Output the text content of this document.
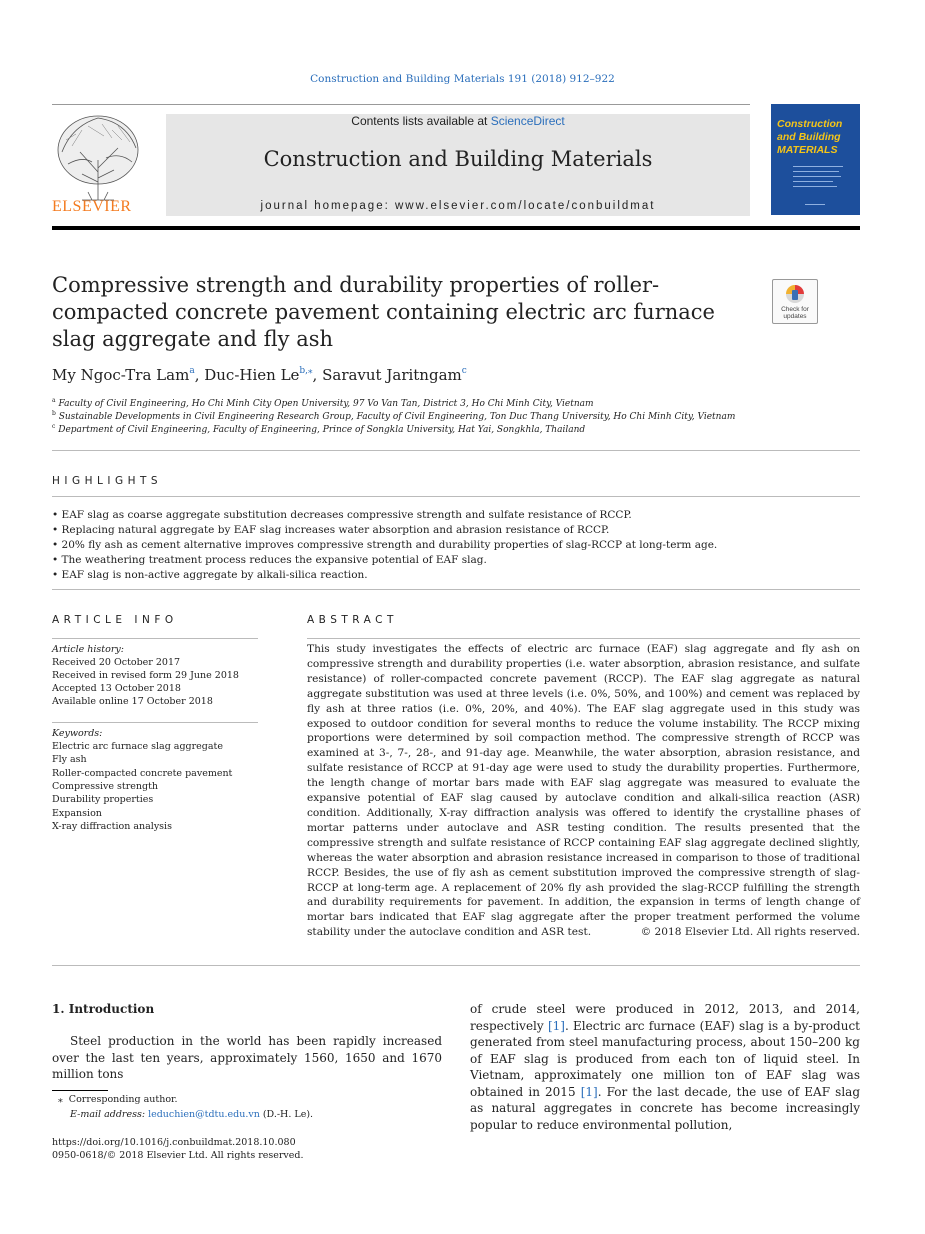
Construction and Building Materials 191 (2018) 912–922
ELSEVIER
Contents lists available at ScienceDirect
Construction and Building Materials
journal homepage: www.elsevier.com/locate/conbuildmat
Construction
and Building
MATERIALS
Compressive strength and durability properties of roller-compacted concrete pavement containing electric arc furnace slag aggregate and fly ash
Check for updates
My Ngoc-Tra Lam$^a$, Duc-Hien $Le^{b,⁎}$, Saravut Jaritngam$^c$
$^a$ Faculty of Civil Engineering, Ho Chi Minh City Open University, 97 Vo Van Tan, District 3, Ho Chi Minh City, Vietnam
$^b$ Sustainable Developments in Civil Engineering Research Group, Faculty of Civil Engineering, Ton Duc Thang University, Ho Chi Minh City, Vietnam
$^c$ Department of Civil Engineering, Faculty of Engineering, Prince of Songkla University, Hat Yai, Songkhla, Thailand
HIGHLIGHTS
• EAF slag as coarse aggregate substitution decreases compressive strength and sulfate resistance of RCCP.
• Replacing natural aggregate by EAF slag increases water absorption and abrasion resistance of RCCP.
• 20% fly ash as cement alternative improves compressive strength and durability properties of slag-RCCP at long-term age.
• The weathering treatment process reduces the expansive potential of EAF slag.
• EAF slag is non-active aggregate by alkali-silica reaction.
ARTICLE INFO
Article history:
Received 20 October 2017
Received in revised form 29 June 2018
Accepted 13 October 2018
Available online 17 October 2018
Keywords:
Electric arc furnace slag aggregate
Fly ash
Roller-compacted concrete pavement
Compressive strength
Durability properties
Expansion
X-ray diffraction analysis
ABSTRACT
This study investigates the effects of electric arc furnace (EAF) slag aggregate and fly ash on compressive strength and durability properties (i.e. water absorption, abrasion resistance, and sulfate resistance) of roller-compacted concrete pavement (RCCP). The EAF slag aggregate as natural aggregate substitution was used at three levels (i.e. 0%, 50%, and 100%) and cement was replaced by fly ash at three ratios (i.e. 0%, 20%, and 40%). The EAF slag aggregate used in this study was exposed to outdoor condition for several months to reduce the volume instability. The RCCP mixing proportions were determined by soil compaction method. The compressive strength of RCCP was examined at 3-, 7-, 28-, and 91-day age. Meanwhile, the water absorption, abrasion resistance, and sulfate resistance of RCCP at 91-day age were used to study the durability properties. Furthermore, the length change of mortar bars made with EAF slag aggregate was measured to evaluate the expansive potential of EAF slag caused by autoclave condition and alkali-silica reaction (ASR) condition. Additionally, X-ray diffraction analysis was offered to identify the crystalline phases of mortar patterns under autoclave and ASR testing condition. The results presented that the compressive strength and sulfate resistance of RCCP containing EAF slag aggregate declined slightly, whereas the water absorption and abrasion resistance increased in comparison to those of traditional RCCP. Besides, the use of fly ash as cement substitution improved the compressive strength of slag-RCCP at long-term age. A replacement of 20% fly ash provided the slag-RCCP fulfilling the strength and durability requirements for pavement. In addition, the expansion in terms of length change of mortar bars indicated that EAF slag aggregate after the proper treatment performed the volume stability under the autoclave condition and ASR test.	© 2018 Elsevier Ltd. All rights reserved.
1. Introduction
Steel production in the world has been rapidly increased over the last ten years, approximately 1560, 1650 and 1670 million tons
of crude steel were produced in 2012, 2013, and 2014, respectively [1]. Electric arc furnace (EAF) slag is a by-product generated from steel manufacturing process, about 150–200 kg of EAF slag is produced from each ton of liquid steel. In Vietnam, approximately one million ton of EAF slag was obtained in 2015 [1]. For the last decade, the use of EAF slag as natural aggregates in concrete has become increasingly popular to reduce environmental pollution,
⁎ Corresponding author.
E-mail address: leduchien@tdtu.edu.vn (D.-H. Le).
https://doi.org/10.1016/j.conbuildmat.2018.10.080
0950-0618/© 2018 Elsevier Ltd. All rights reserved.
